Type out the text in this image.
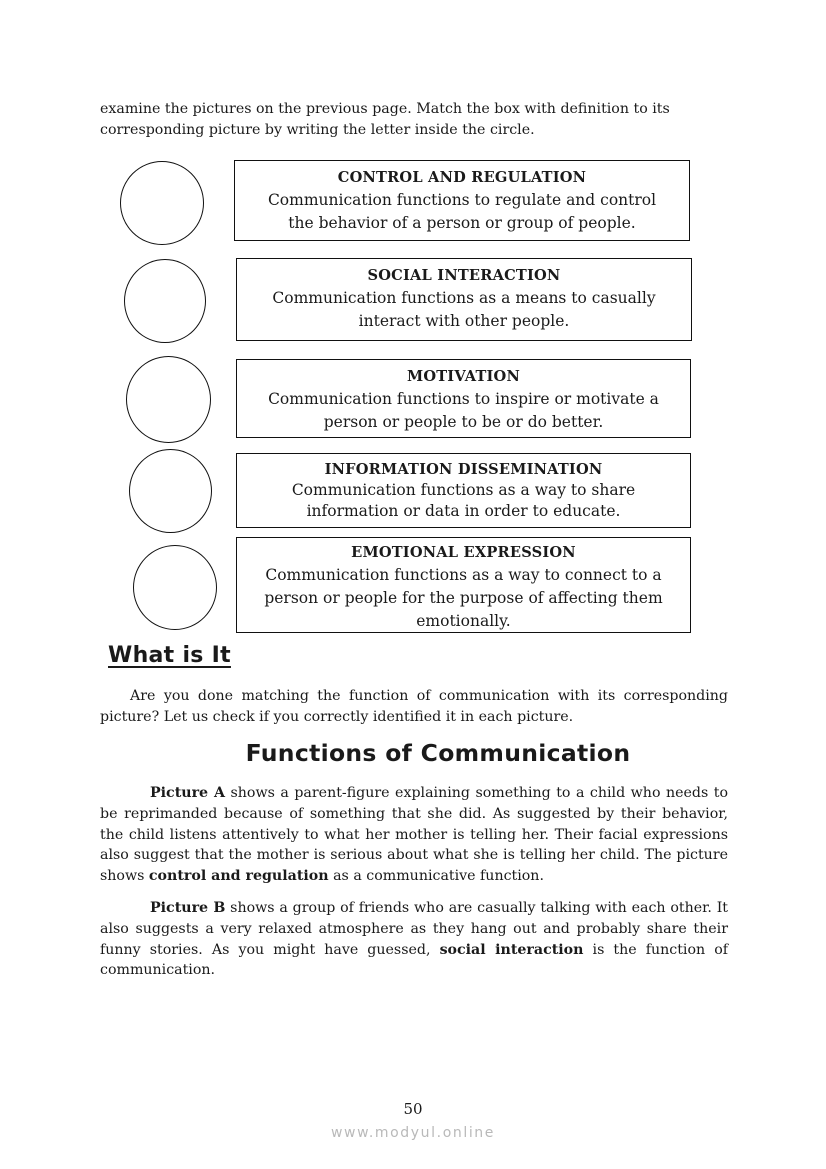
examine the pictures on the previous page. Match the box with definition to its corresponding picture by writing the letter inside the circle.

CONTROL AND REGULATION
Communication functions to regulate and control the behavior of a person or group of people.
SOCIAL INTERACTION
Communication functions as a means to casually interact with other people.
MOTIVATION
Communication functions to inspire or motivate a person or people to be or do better.
INFORMATION DISSEMINATION
Communication functions as a way to share information or data in order to educate.
EMOTIONAL EXPRESSION
Communication functions as a way to connect to a person or people for the purpose of affecting them emotionally.
What is It

Are you done matching the function of communication with its corresponding picture? Let us check if you correctly identified it in each picture.

Functions of Communication

Picture A shows a parent-figure explaining something to a child who needs to be reprimanded because of something that she did. As suggested by their behavior, the child listens attentively to what her mother is telling her. Their facial expressions also suggest that the mother is serious about what she is telling her child. The picture shows control and regulation as a communicative function.

Picture B shows a group of friends who are casually talking with each other. It also suggests a very relaxed atmosphere as they hang out and probably share their funny stories. As you might have guessed, social interaction is the function of communication.

50
www.modyul.online
